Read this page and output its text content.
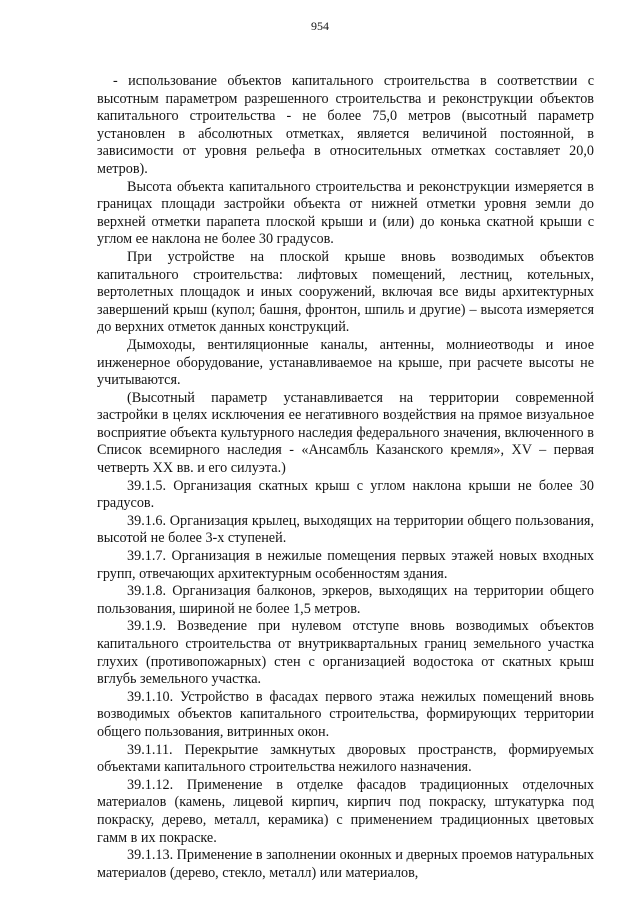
954

- использование объектов капитального строительства в соответствии с высотным параметром разрешенного строительства и реконструкции объектов капитального строительства - не более 75,0 метров (высотный параметр установлен в абсолютных отметках, является величиной постоянной, в зависимости от уровня рельефа в относительных отметках составляет 20,0 метров).

Высота объекта капитального строительства и реконструкции измеряется в границах площади застройки объекта от нижней отметки уровня земли до верхней отметки парапета плоской крыши и (или) до конька скатной крыши с углом ее наклона не более 30 градусов.

При устройстве на плоской крыше вновь возводимых объектов капитального строительства: лифтовых помещений, лестниц, котельных, вертолетных площадок и иных сооружений, включая все виды архитектурных завершений крыш (купол; башня, фронтон, шпиль и другие) – высота измеряется до верхних отметок данных конструкций.

Дымоходы, вентиляционные каналы, антенны, молниеотводы и иное инженерное оборудование, устанавливаемое на крыше, при расчете высоты не учитываются.

(Высотный параметр устанавливается на территории современной застройки в целях исключения ее негативного воздействия на прямое визуальное восприятие объекта культурного наследия федерального значения, включенного в Список всемирного наследия - «Ансамбль Казанского кремля», XV – первая четверть XX вв. и его силуэта.)

39.1.5. Организация скатных крыш с углом наклона крыши не более 30 градусов.

39.1.6. Организация крылец, выходящих на территории общего пользования, высотой не более 3-х ступеней.

39.1.7. Организация в нежилые помещения первых этажей новых входных групп, отвечающих архитектурным особенностям здания.

39.1.8. Организация балконов, эркеров, выходящих на территории общего пользования, шириной не более 1,5 метров.

39.1.9. Возведение при нулевом отступе вновь возводимых объектов капитального строительства от внутриквартальных границ земельного участка глухих (противопожарных) стен с организацией водостока от скатных крыш вглубь земельного участка.

39.1.10. Устройство в фасадах первого этажа нежилых помещений вновь возводимых объектов капитального строительства, формирующих территории общего пользования, витринных окон.

39.1.11. Перекрытие замкнутых дворовых пространств, формируемых объектами капитального строительства нежилого назначения.

39.1.12. Применение в отделке фасадов традиционных отделочных материалов (камень, лицевой кирпич, кирпич под покраску, штукатурка под покраску, дерево, металл, керамика) с применением традиционных цветовых гамм в их покраске.

39.1.13. Применение в заполнении оконных и дверных проемов натуральных материалов (дерево, стекло, металл) или материалов,
